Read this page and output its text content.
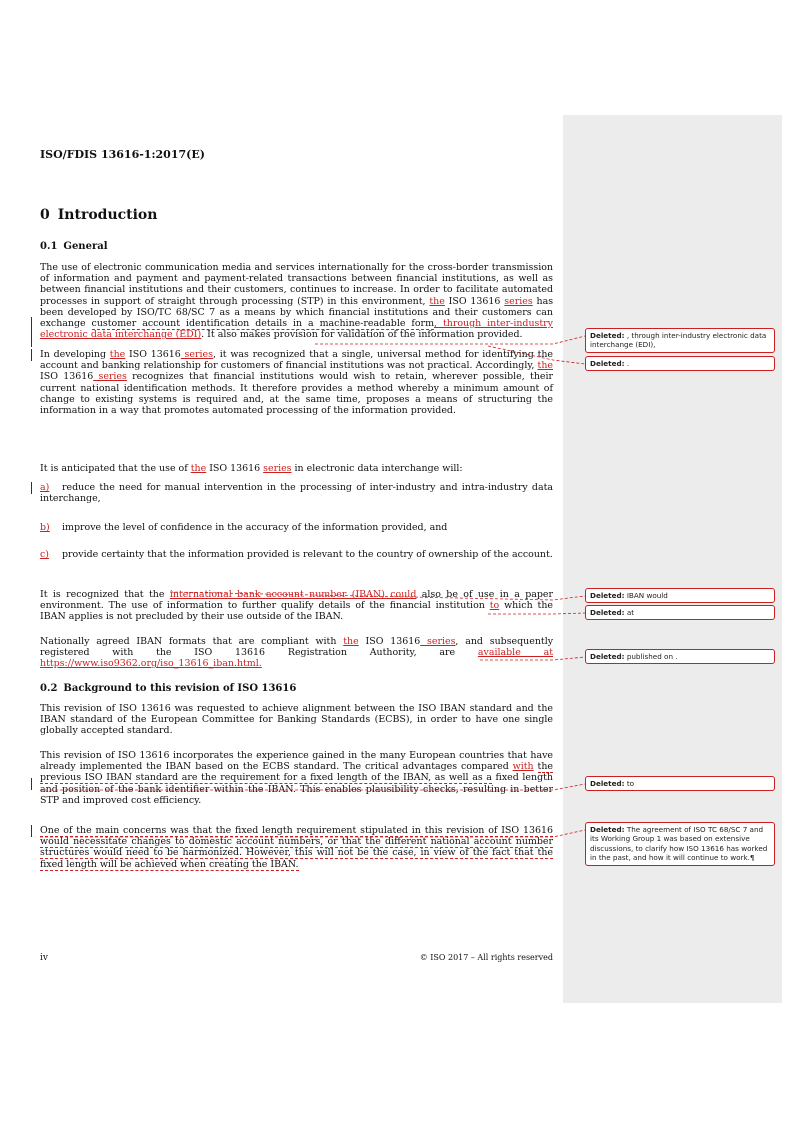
ISO/FDIS 13616-1:2017(E)
0 Introduction
0.1 General
The use of electronic communication media and services internationally for the cross-border transmission of information and payment and payment-related transactions between financial institutions, as well as between financial institutions and their customers, continues to increase. In order to facilitate automated processes in support of straight through processing (STP) in this environment, the ISO 13616 series has been developed by ISO/TC 68/SC 7 as a means by which financial institutions and their customers can exchange customer account identification details in a machine-readable form, through inter-industry electronic data interchange (EDI). It also makes provision for validation of the information provided.
In developing the ISO 13616 series, it was recognized that a single, universal method for identifying the account and banking relationship for customers of financial institutions was not practical. Accordingly, the ISO 13616 series recognizes that financial institutions would wish to retain, wherever possible, their current national identification methods. It therefore provides a method whereby a minimum amount of change to existing systems is required and, at the same time, proposes a means of structuring the information in a way that promotes automated processing of the information provided.
It is anticipated that the use of the ISO 13616 series in electronic data interchange will:
a) reduce the need for manual intervention in the processing of inter-industry and intra-industry data interchange,
b) improve the level of confidence in the accuracy of the information provided, and
c) provide certainty that the information provided is relevant to the country of ownership of the account.
It is recognized that the international bank account number (IBAN) could also be of use in a paper environment. The use of information to further qualify details of the financial institution to which the IBAN applies is not precluded by their use outside of the IBAN.
Nationally agreed IBAN formats that are compliant with the ISO 13616 series, and subsequently registered with the ISO 13616 Registration Authority, are available at https://www.iso9362.org/iso_13616_iban.html.
0.2 Background to this revision of ISO 13616
This revision of ISO 13616 was requested to achieve alignment between the ISO IBAN standard and the IBAN standard of the European Committee for Banking Standards (ECBS), in order to have one single globally accepted standard.
This revision of ISO 13616 incorporates the experience gained in the many European countries that have already implemented the IBAN based on the ECBS standard. The critical advantages compared with the previous ISO IBAN standard are the requirement for a fixed length of the IBAN, as well as a fixed length and position of the bank identifier within the IBAN. This enables plausibility checks, resulting in better STP and improved cost efficiency.
One of the main concerns was that the fixed length requirement stipulated in this revision of ISO 13616 would necessitate changes to domestic account numbers, or that the different national account number structures would need to be harmonized. However, this will not be the case, in view of the fact that the fixed length will be achieved when creating the IBAN.
iv	© ISO 2017 – All rights reserved
Deleted: , through inter-industry electronic data interchange (EDI),
Deleted: .
Deleted: IBAN would
Deleted: at
Deleted: published on .
Deleted: to
Deleted: The agreement of ISO TC 68/SC 7 and its Working Group 1 was based on extensive discussions, to clarify how ISO 13616 has worked in the past, and how it will continue to work.¶
